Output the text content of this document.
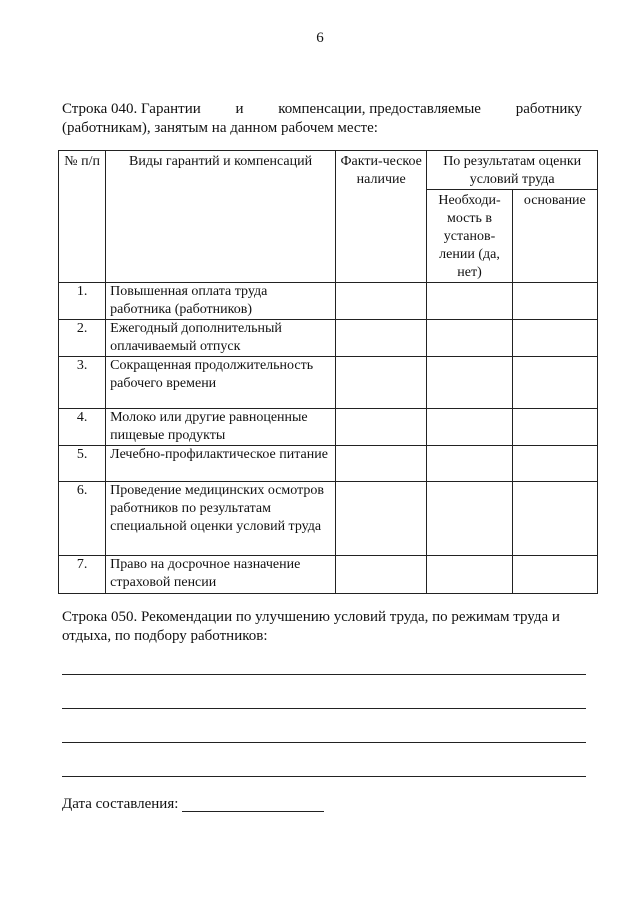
6
Строка 040. Гарантии и компенсации, предоставляемые работнику
(работникам), занятым на данном рабочем месте:
№ п/п	Виды гарантий и компенсаций	Факти-ческое наличие	По результатам оценки условий труда	
			Необходи-мость в установ-лении (да, нет)	основание
1.	Повышенная оплата труда работника (работников)			
2.	Ежегодный дополнительный оплачиваемый отпуск			
3.	Сокращенная продолжительность рабочего времени			
4.	Молоко или другие равноценные пищевые продукты			
5.	Лечебно-профилактическое питание			
6.	Проведение медицинских осмотров работников по результатам специальной оценки условий труда			
7.	Право на досрочное назначение страховой пенсии			
Строка 050. Рекомендации по улучшению условий труда, по режимам труда и отдыха, по подбору работников:
Дата составления:
